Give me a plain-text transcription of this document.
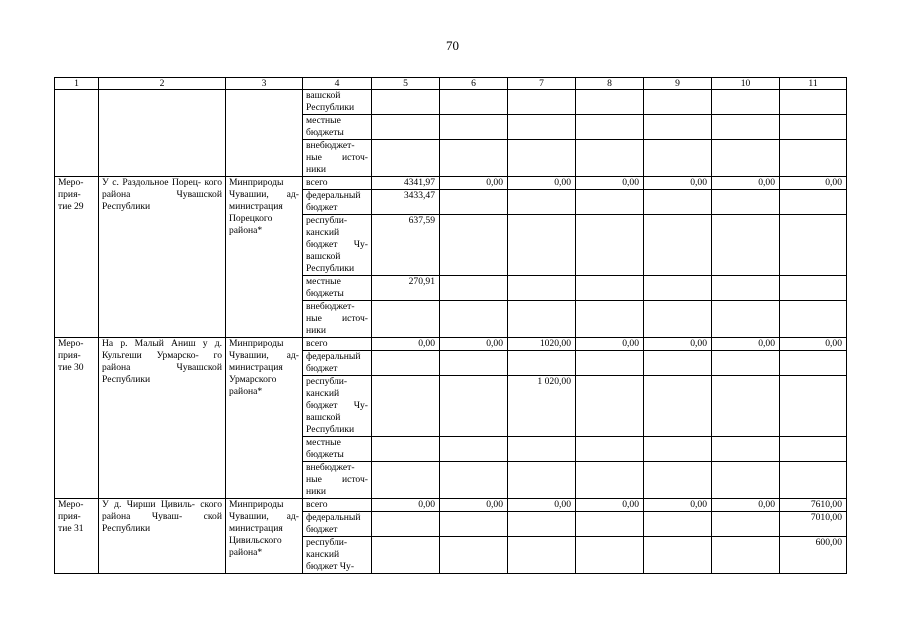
70
1	2	3	4	5	6	7	8	9	10	11
			вашской Республики							
			местные бюджеты							
			внебюджет- ные источ- ники							
Меро- прия- тие 29	У с. Раздольное Порец- кого района Чувашской Республики	Минприроды Чувашии, ад- министрация Порецкого района*	всего	4341,97	0,00	0,00	0,00	0,00	0,00	0,00
			федеральный бюджет	3433,47						
			республи- канский бюджет Чу- вашской Республики	637,59						
			местные бюджеты	270,91						
			внебюджет- ные источ- ники							
Меро- прия- тие 30	На р. Малый Аниш у д. Кульгеши Урмарско- го района Чувашской Республики	Минприроды Чувашии, ад- министрация Урмарского района*	всего	0,00	0,00	1020,00	0,00	0,00	0,00	0,00
			федеральный бюджет							
			республи- канский бюджет Чу- вашской Республики			1 020,00				
			местные бюджеты							
			внебюджет- ные источ- ники							
Меро- прия- тие 31	У д. Чирши Цивиль- ского района Чуваш- ской Республики	Минприроды Чувашии, ад- министрация Цивильского района*	всего	0,00	0,00	0,00	0,00	0,00	0,00	7610,00
			федеральный бюджет							7010,00
			республи- канский бюджет Чу-							600,00
